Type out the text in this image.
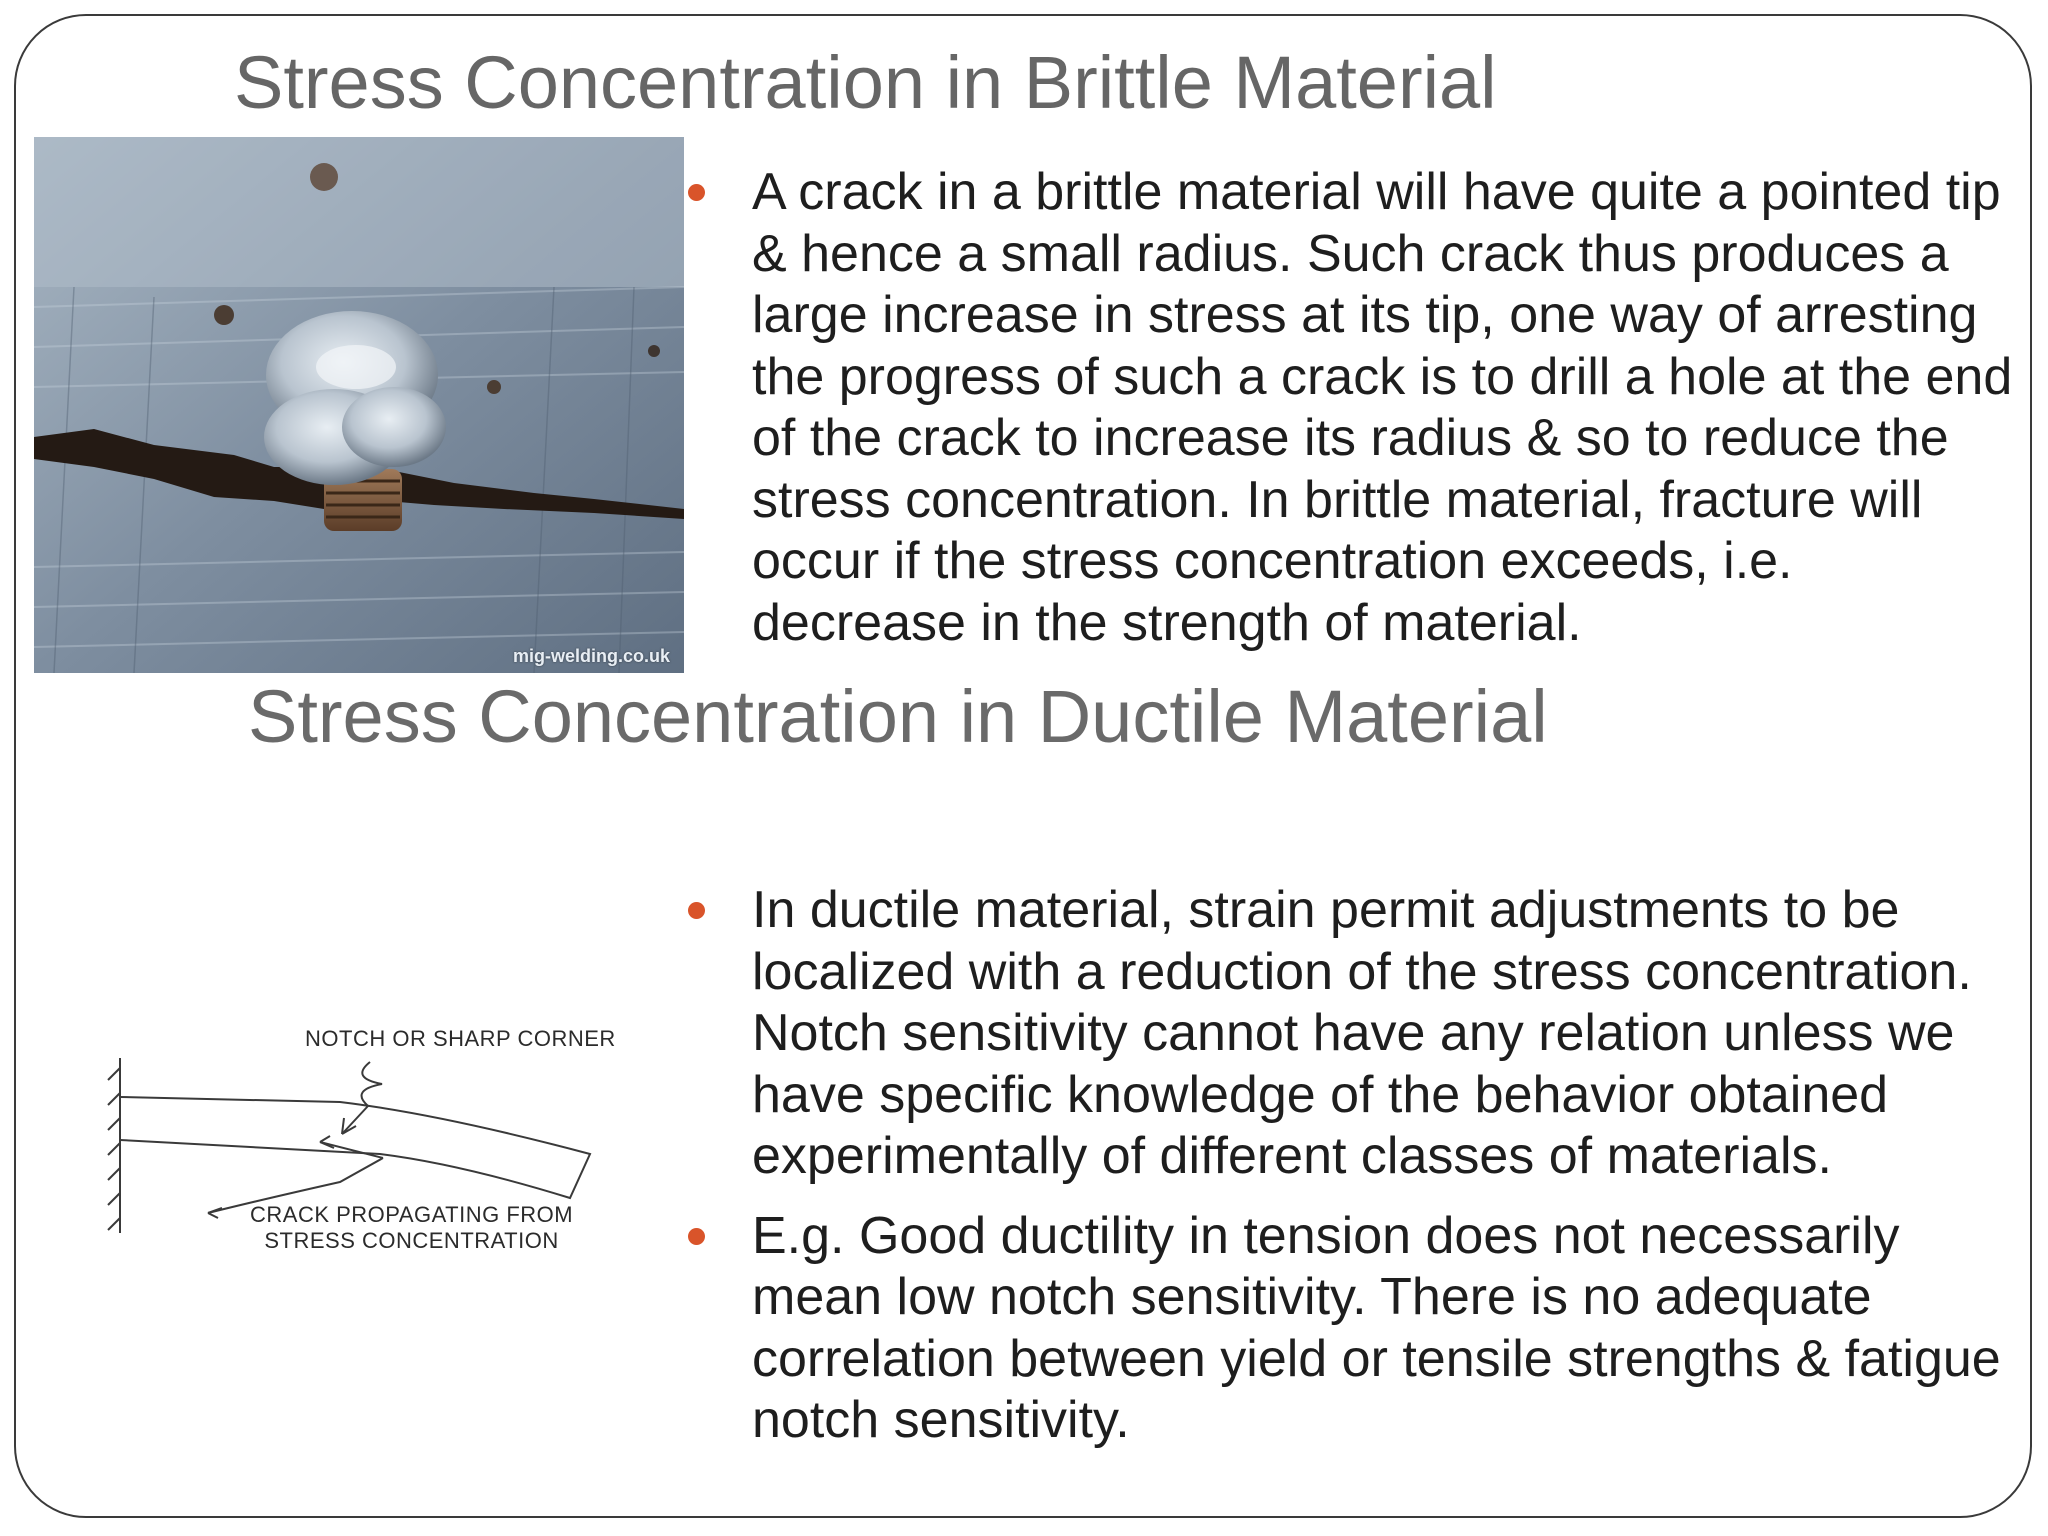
Stress Concentration in Brittle Material
mig-welding.co.uk
A crack in a brittle material will have quite a pointed tip & hence a small radius. Such crack thus produces a large increase in stress at its tip, one way of arresting the progress of such a crack is to drill a hole at the end of the crack to increase its radius & so to reduce the stress concentration. In brittle material, fracture will occur if the stress concentration exceeds, i.e. decrease in the strength of material.
Stress Concentration in Ductile Material
NOTCH OR SHARP CORNER
CRACK PROPAGATING FROM
STRESS CONCENTRATION
In ductile material, strain permit adjustments to be localized with a reduction of the stress concentration. Notch sensitivity cannot have any relation unless we have specific knowledge of the behavior obtained experimentally of different classes of materials.
E.g. Good ductility in tension does not necessarily mean low notch sensitivity. There is no adequate correlation between yield or tensile strengths & fatigue notch sensitivity.
